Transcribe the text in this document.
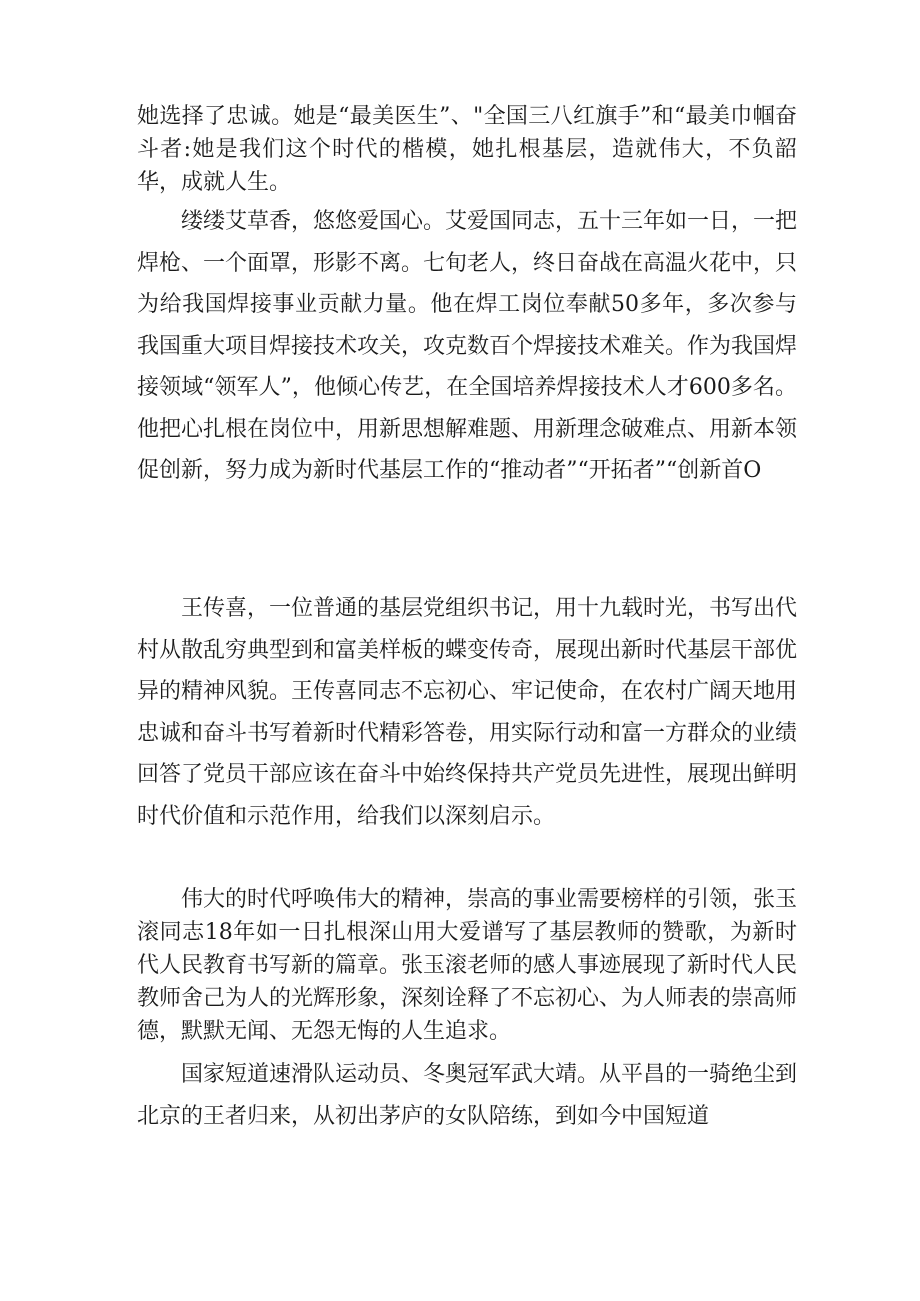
她选择了忠诚。她是“最美医生”、"全国三八红旗手”和“最美巾帼奋斗者:她是我们这个时代的楷模，她扎根基层，造就伟大，不负韶华，成就人生。

缕缕艾草香，悠悠爱国心。艾爱国同志，五十三年如一日，一把焊枪、一个面罩，形影不离。七旬老人，终日奋战在高温火花中，只为给我国焊接事业贡献力量。他在焊工岗位奉献50多年，多次参与我国重大项目焊接技术攻关，攻克数百个焊接技术难关。作为我国焊接领域“领军人”，他倾心传艺，在全国培养焊接技术人才600多名。他把心扎根在岗位中，用新思想解难题、用新理念破难点、用新本领促创新，努力成为新时代基层工作的“推动者”“开拓者”“创新首O

王传喜，一位普通的基层党组织书记，用十九载时光，书写出代村从散乱穷典型到和富美样板的蝶变传奇，展现出新时代基层干部优异的精神风貌。王传喜同志不忘初心、牢记使命，在农村广阔天地用忠诚和奋斗书写着新时代精彩答卷，用实际行动和富一方群众的业绩回答了党员干部应该在奋斗中始终保持共产党员先进性，展现出鲜明时代价值和示范作用，给我们以深刻启示。

伟大的时代呼唤伟大的精神，崇高的事业需要榜样的引领，张玉滚同志18年如一日扎根深山用大爱谱写了基层教师的赞歌，为新时代人民教育书写新的篇章。张玉滚老师的感人事迹展现了新时代人民教师舍己为人的光辉形象，深刻诠释了不忘初心、为人师表的崇高师德，默默无闻、无怨无悔的人生追求。

国家短道速滑队运动员、冬奥冠军武大靖。从平昌的一骑绝尘到北京的王者归来，从初出茅庐的女队陪练，到如今中国短道
